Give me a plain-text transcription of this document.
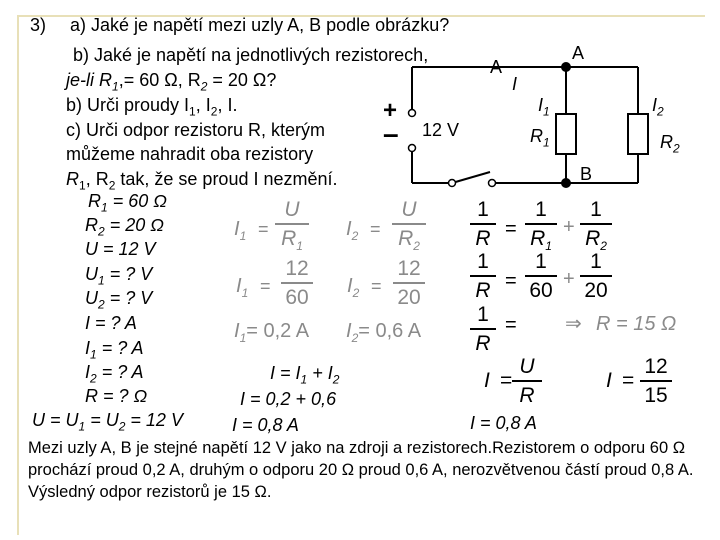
3) a) Jaké je napětí mezi uzly A, B podle obrázku?
b) Jaké je napětí na jednotlivých rezistorech,
je-li $R_1,= 60$ Ω, $R_2 = 20$ Ω?
b) Urči proudy $I_1$, $I_2$, I.
c) Urči odpor rezistoru R, kterým
můžeme nahradit oba rezistory
$R_1$, $R_2$ tak, že se proud I nezmění.
+
– 12 V
A
A
B
I
$I_1$	$I_2$
$R_1$	$R_2$
$R_1 = 60$ Ω
$R_2 = 20$ Ω
U = 12 V
$U_1$ = ? V
$U_2$ = ? V
I = ? A
$I_1$ = ? A
$I_2$ = ? A
R = ? Ω
$U = U_1 = U_2 = 12$ V
$I_1$ =
U
$R_1$
$I_2$ =
U
$R_2$
$I_1$ =
12
60 $I_2$ =
12
20
$I_1= 0,2$ A $I_2= 0,6$ A
1
R =
1
$R_1$
+
1
$R_2$
1
R =
1
60 +
1
20
1
R
= ⇒ R = 15 Ω
$I = I_1 + I_2$
I = 0,2 + 0,6
I = 0,8 A
I =
U
R
I =
12
15
I = 0,8 A
Mezi uzly A, B je stejné napětí 12 V jako na zdroji a rezistorech.Rezistorem o odporu 60 Ω prochází proud 0,2 A, druhým o odporu 20 Ω proud 0,6 A, nerozvětvenou částí proud 0,8 A. Výsledný odpor rezistorů je 15 Ω.
